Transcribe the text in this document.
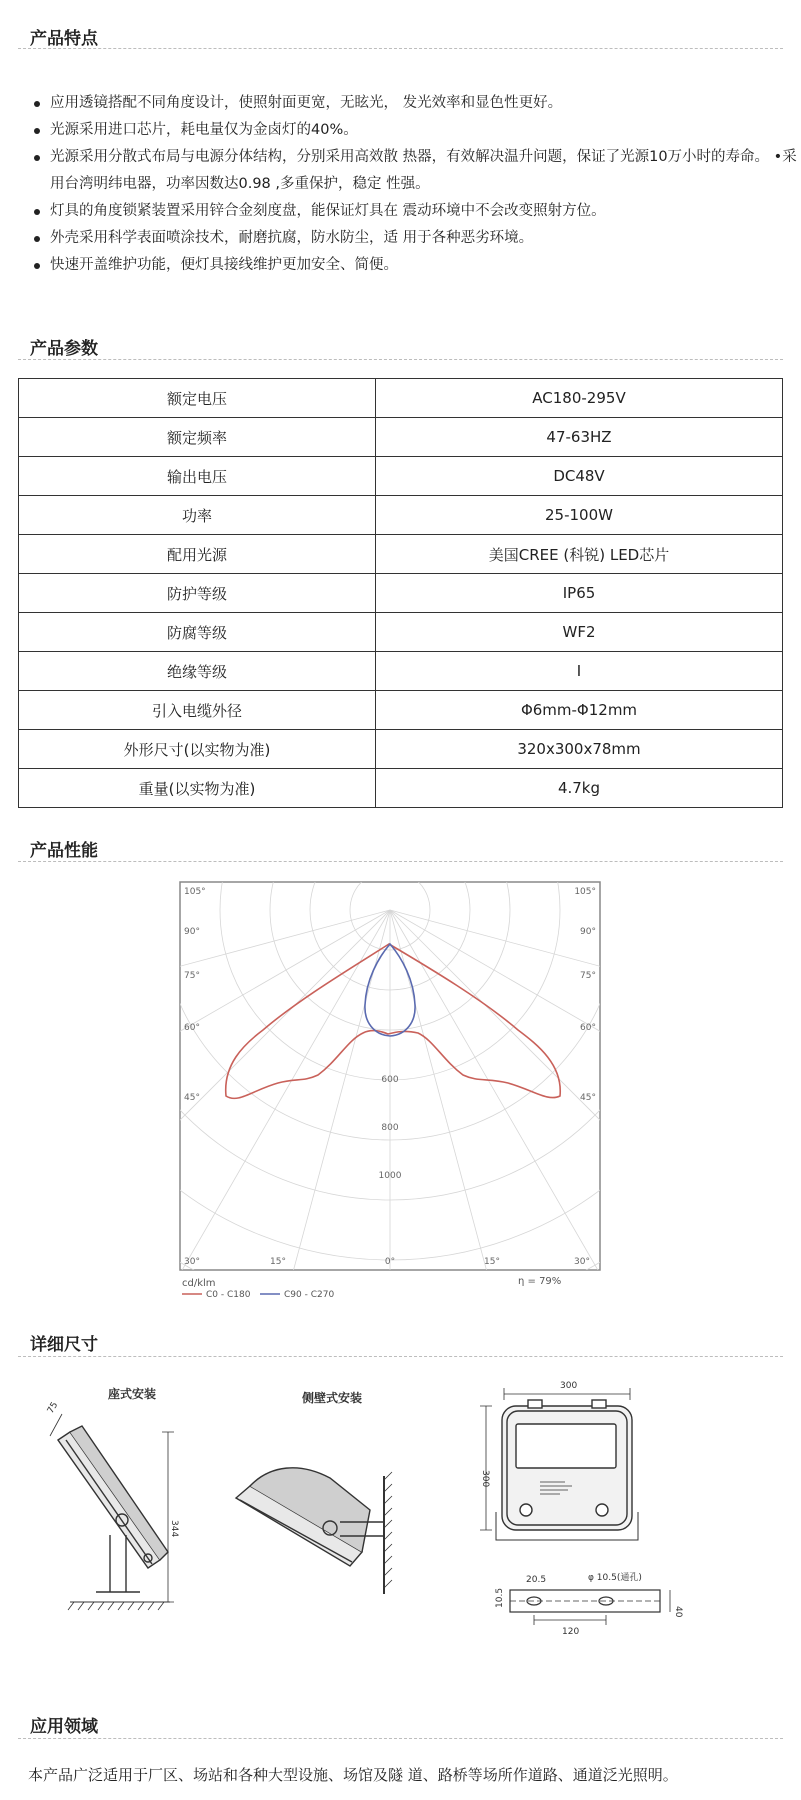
产品特点
应用透镜搭配不同角度设计，使照射面更宽，无眩光， 发光效率和显色性更好。
光源采用进口芯片，耗电量仅为金卤灯的40%。
光源采用分散式布局与电源分体结构，分别采用高效散 热器，有效解决温升问题，保证了光源10万小时的寿命。 •采用台湾明纬电器，功率因数达0.98 ,多重保护，稳定 性强。
灯具的角度锁紧装置采用锌合金刻度盘，能保证灯具在 震动环境中不会改变照射方位。
外壳采用科学表面喷涂技术，耐磨抗腐，防水防尘，适 用于各种恶劣环境。
快速开盖维护功能，便灯具接线维护更加安全、简便。
产品参数
额定电压	AC180-295V
额定频率	47-63HZ
输出电压	DC48V
功率	25-100W
配用光源	美国CREE (科锐) LED芯片
防护等级	IP65
防腐等级	WF2
绝缘等级	I
引入电缆外径	Φ6mm-Φ12mm
外形尺寸(以实物为准)	320x300x78mm
重量(以实物为准)	4.7kg
产品性能
105°
90°
75°
60°
45°
105°
90°
75°
60°
45°
30°	15°	0°	15°	30°
600
800
1000
cd/klm	η = 79%
C0 - C180	C90 - C270
详细尺寸
座式安装
344
75
侧壁式安装
300
300
20.5	φ 10.5(通孔)
10.5
120
40
应用领域
本产品广泛适用于厂区、场站和各种大型设施、场馆及隧 道、路桥等场所作道路、通道泛光照明。
